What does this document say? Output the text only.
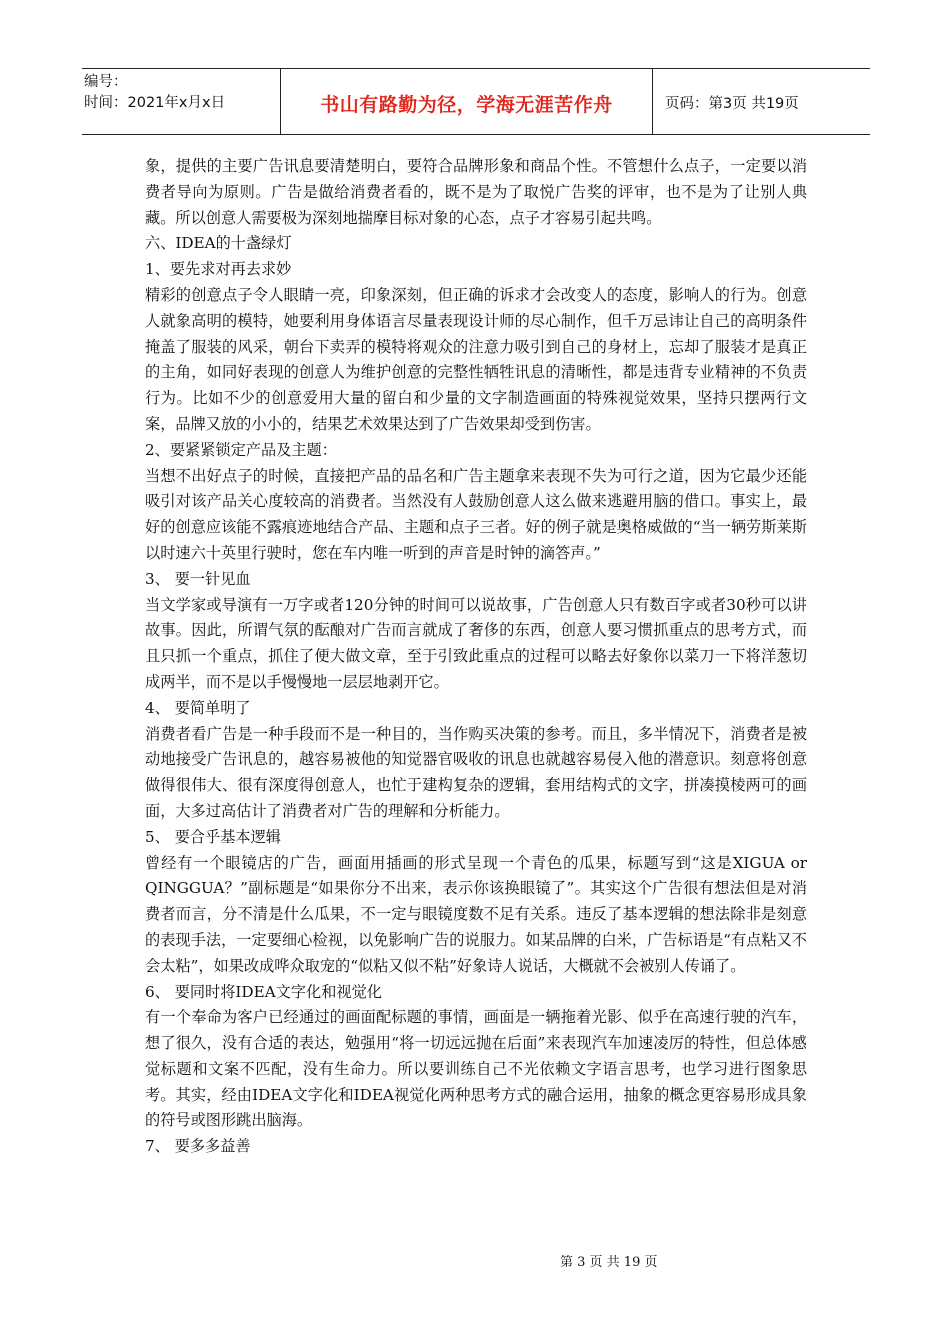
编号：
时间：2021年x月x日	书山有路勤为径，学海无涯苦作舟	页码：第3页 共19页

象，提供的主要广告讯息要清楚明白，要符合品牌形象和商品个性。不管想什么点子，一定要以消费者导向为原则。广告是做给消费者看的，既不是为了取悦广告奖的评审，也不是为了让别人典藏。所以创意人需要极为深刻地揣摩目标对象的心态，点子才容易引起共鸣。

六、IDEA的十盏绿灯

1、要先求对再去求妙

精彩的创意点子令人眼睛一亮，印象深刻，但正确的诉求才会改变人的态度，影响人的行为。创意人就象高明的模特，她要利用身体语言尽量表现设计师的尽心制作，但千万忌讳让自己的高明条件掩盖了服装的风采，朝台下卖弄的模特将观众的注意力吸引到自己的身材上，忘却了服装才是真正的主角，如同好表现的创意人为维护创意的完整性牺牲讯息的清晰性，都是违背专业精神的不负责行为。比如不少的创意爱用大量的留白和少量的文字制造画面的特殊视觉效果，坚持只摆两行文案，品牌又放的小小的，结果艺术效果达到了广告效果却受到伤害。

2、要紧紧锁定产品及主题：

当想不出好点子的时候，直接把产品的品名和广告主题拿来表现不失为可行之道，因为它最少还能吸引对该产品关心度较高的消费者。当然没有人鼓励创意人这么做来逃避用脑的借口。事实上，最好的创意应该能不露痕迹地结合产品、主题和点子三者。好的例子就是奥格威做的“当一辆劳斯莱斯以时速六十英里行驶时，您在车内唯一听到的声音是时钟的滴答声。”

3、 要一针见血

当文学家或导演有一万字或者120分钟的时间可以说故事，广告创意人只有数百字或者30秒可以讲故事。因此，所谓气氛的酝酿对广告而言就成了奢侈的东西，创意人要习惯抓重点的思考方式，而且只抓一个重点，抓住了便大做文章，至于引致此重点的过程可以略去好象你以菜刀一下将洋葱切成两半，而不是以手慢慢地一层层地剥开它。

4、 要简单明了

消费者看广告是一种手段而不是一种目的，当作购买决策的参考。而且，多半情况下，消费者是被动地接受广告讯息的，越容易被他的知觉器官吸收的讯息也就越容易侵入他的潜意识。刻意将创意做得很伟大、很有深度得创意人，也忙于建构复杂的逻辑，套用结构式的文字，拼凑摸棱两可的画面，大多过高估计了消费者对广告的理解和分析能力。

5、 要合乎基本逻辑

曾经有一个眼镜店的广告，画面用插画的形式呈现一个青色的瓜果，标题写到“这是XIGUA or QINGGUA？”副标题是“如果你分不出来，表示你该换眼镜了”。其实这个广告很有想法但是对消费者而言，分不清是什么瓜果，不一定与眼镜度数不足有关系。违反了基本逻辑的想法除非是刻意的表现手法，一定要细心检视，以免影响广告的说服力。如某品牌的白米，广告标语是“有点粘又不会太粘”，如果改成哗众取宠的“似粘又似不粘”好象诗人说话，大概就不会被别人传诵了。

6、 要同时将IDEA文字化和视觉化

有一个奉命为客户已经通过的画面配标题的事情，画面是一辆拖着光影、似乎在高速行驶的汽车，想了很久，没有合适的表达，勉强用“将一切远远抛在后面”来表现汽车加速凌厉的特性，但总体感觉标题和文案不匹配，没有生命力。所以要训练自己不光依赖文字语言思考，也学习进行图象思考。其实，经由IDEA文字化和IDEA视觉化两种思考方式的融合运用，抽象的概念更容易形成具象的符号或图形跳出脑海。

7、 要多多益善

第 3 页 共 19 页
